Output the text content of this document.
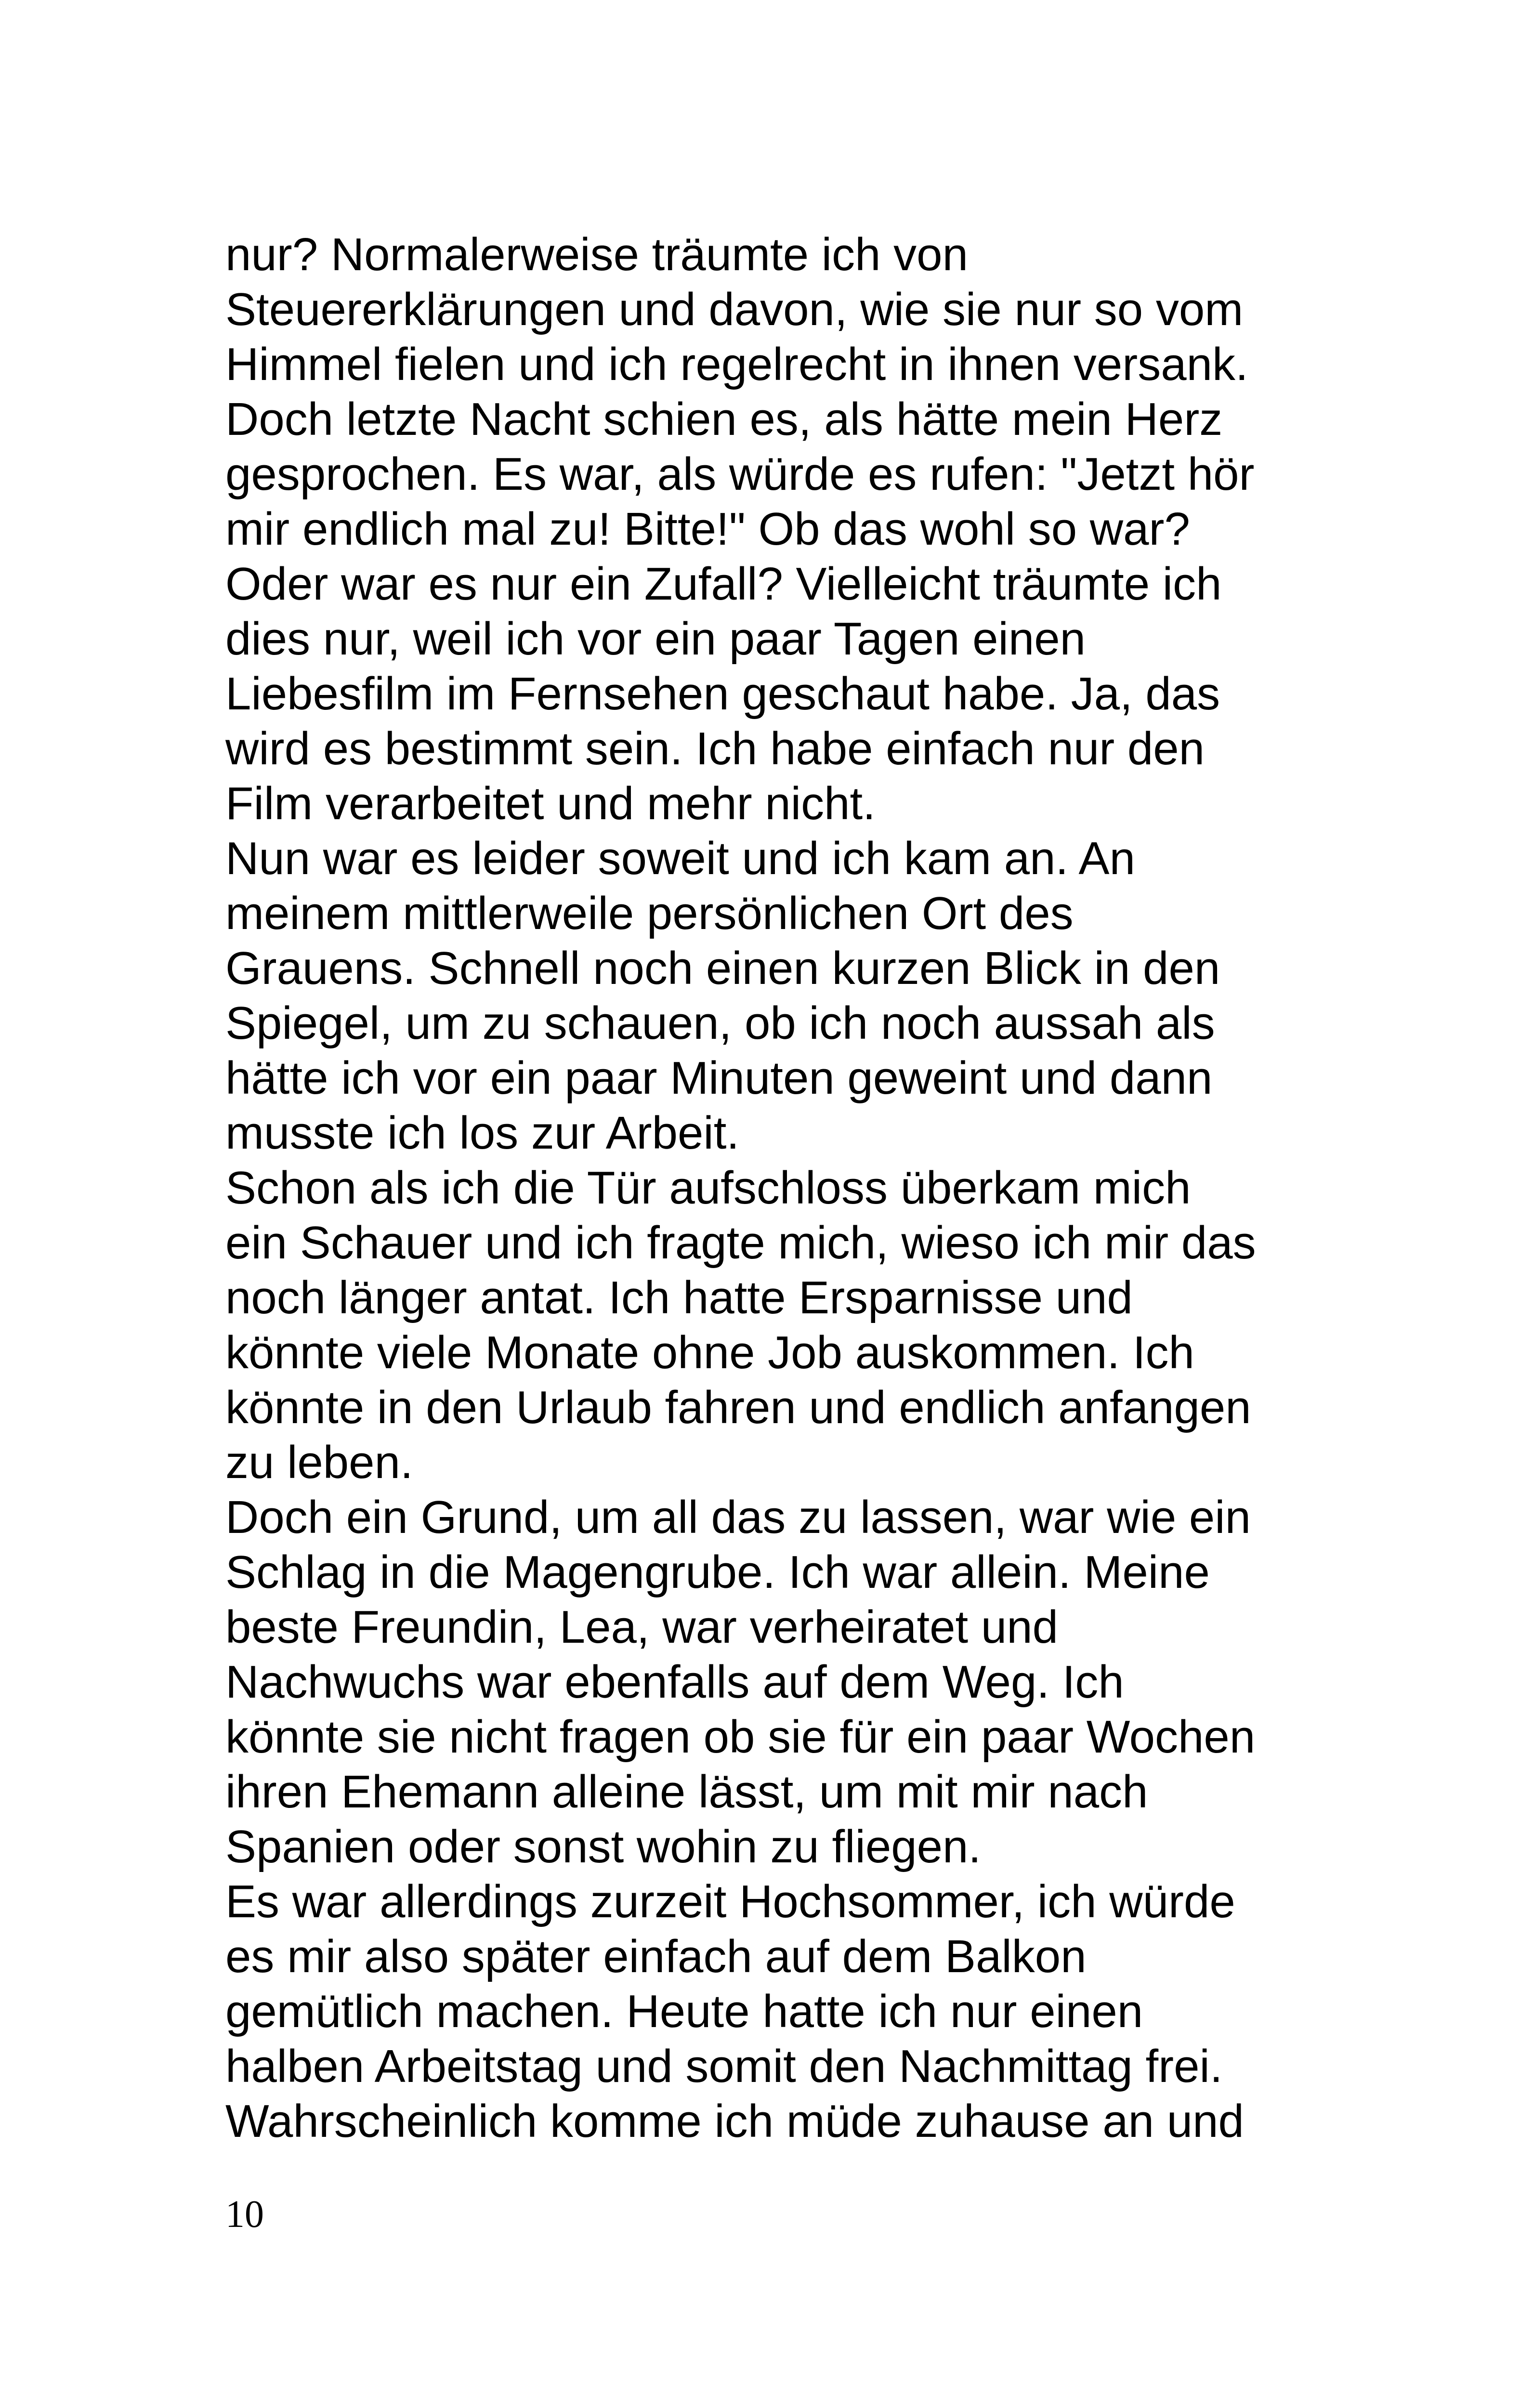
nur? Normalerweise träumte ich von
Steuererklärungen und davon, wie sie nur so vom
Himmel fielen und ich regelrecht in ihnen versank.
Doch letzte Nacht schien es, als hätte mein Herz
gesprochen. Es war, als würde es rufen: "Jetzt hör
mir endlich mal zu! Bitte!" Ob das wohl so war?
Oder war es nur ein Zufall? Vielleicht träumte ich
dies nur, weil ich vor ein paar Tagen einen
Liebesfilm im Fernsehen geschaut habe. Ja, das
wird es bestimmt sein. Ich habe einfach nur den
Film verarbeitet und mehr nicht.
Nun war es leider soweit und ich kam an. An
meinem mittlerweile persönlichen Ort des
Grauens. Schnell noch einen kurzen Blick in den
Spiegel, um zu schauen, ob ich noch aussah als
hätte ich vor ein paar Minuten geweint und dann
musste ich los zur Arbeit.
Schon als ich die Tür aufschloss überkam mich
ein Schauer und ich fragte mich, wieso ich mir das
noch länger antat. Ich hatte Ersparnisse und
könnte viele Monate ohne Job auskommen. Ich
könnte in den Urlaub fahren und endlich anfangen
zu leben.
Doch ein Grund, um all das zu lassen, war wie ein
Schlag in die Magengrube. Ich war allein. Meine
beste Freundin, Lea, war verheiratet und
Nachwuchs war ebenfalls auf dem Weg. Ich
könnte sie nicht fragen ob sie für ein paar Wochen
ihren Ehemann alleine lässt, um mit mir nach
Spanien oder sonst wohin zu fliegen.
Es war allerdings zurzeit Hochsommer, ich würde
es mir also später einfach auf dem Balkon
gemütlich machen. Heute hatte ich nur einen
halben Arbeitstag und somit den Nachmittag frei.
Wahrscheinlich komme ich müde zuhause an und
10
